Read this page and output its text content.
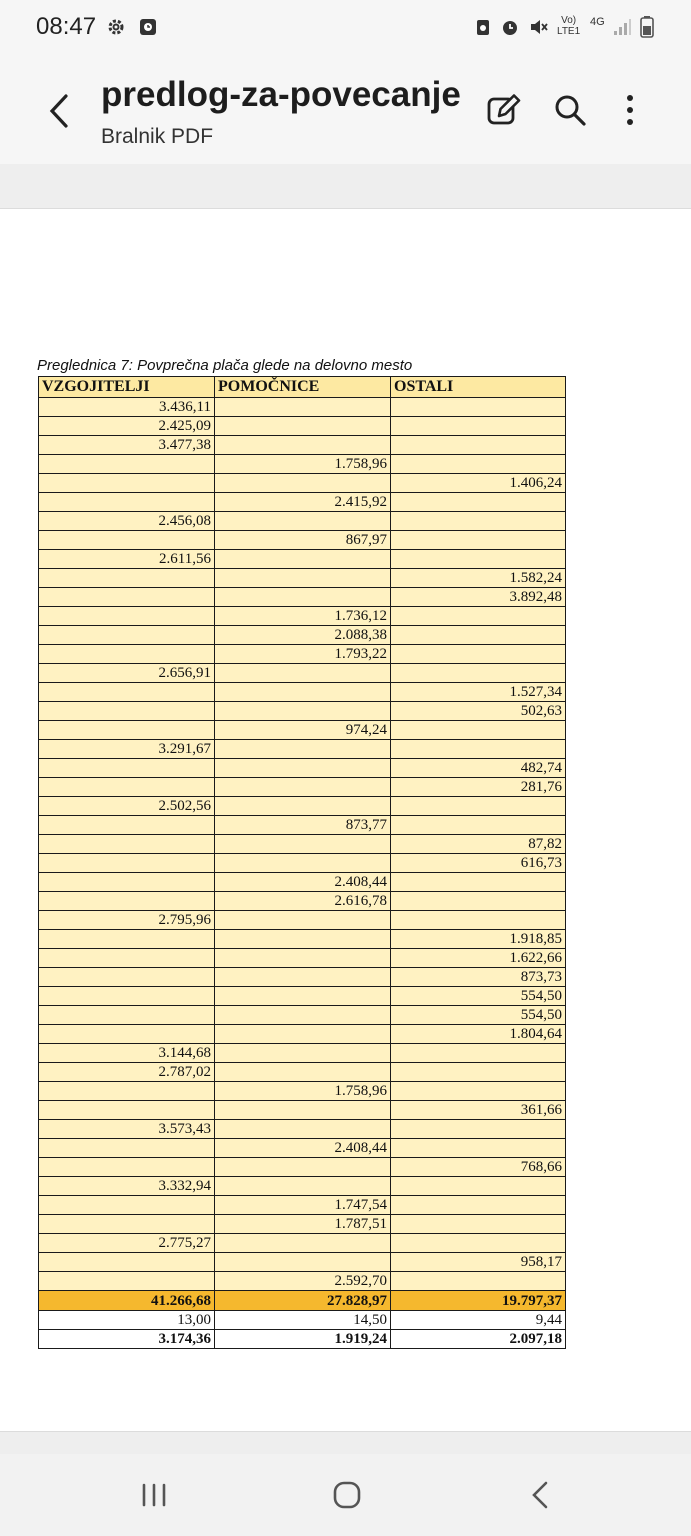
08:47	Vo)
LTE1
4G
predlog-za-povecanje
Bralnik PDF
Preglednica 7: Povprečna plača glede na delovno mesto
VZGOJITELJI	POMOČNICE	OSTALI
3.436,11		
2.425,09		
3.477,38		
	1.758,96	
		1.406,24
	2.415,92	
2.456,08		
	867,97	
2.611,56		
		1.582,24
		3.892,48
	1.736,12	
	2.088,38	
	1.793,22	
2.656,91		
		1.527,34
		502,63
	974,24	
3.291,67		
		482,74
		281,76
2.502,56		
	873,77	
		87,82
		616,73
	2.408,44	
	2.616,78	
2.795,96		
		1.918,85
		1.622,66
		873,73
		554,50
		554,50
		1.804,64
3.144,68		
2.787,02		
	1.758,96	
		361,66
3.573,43		
	2.408,44	
		768,66
3.332,94		
	1.747,54	
	1.787,51	
2.775,27		
		958,17
	2.592,70	
41.266,68	27.828,97	19.797,37
13,00	14,50	9,44
3.174,36	1.919,24	2.097,18
